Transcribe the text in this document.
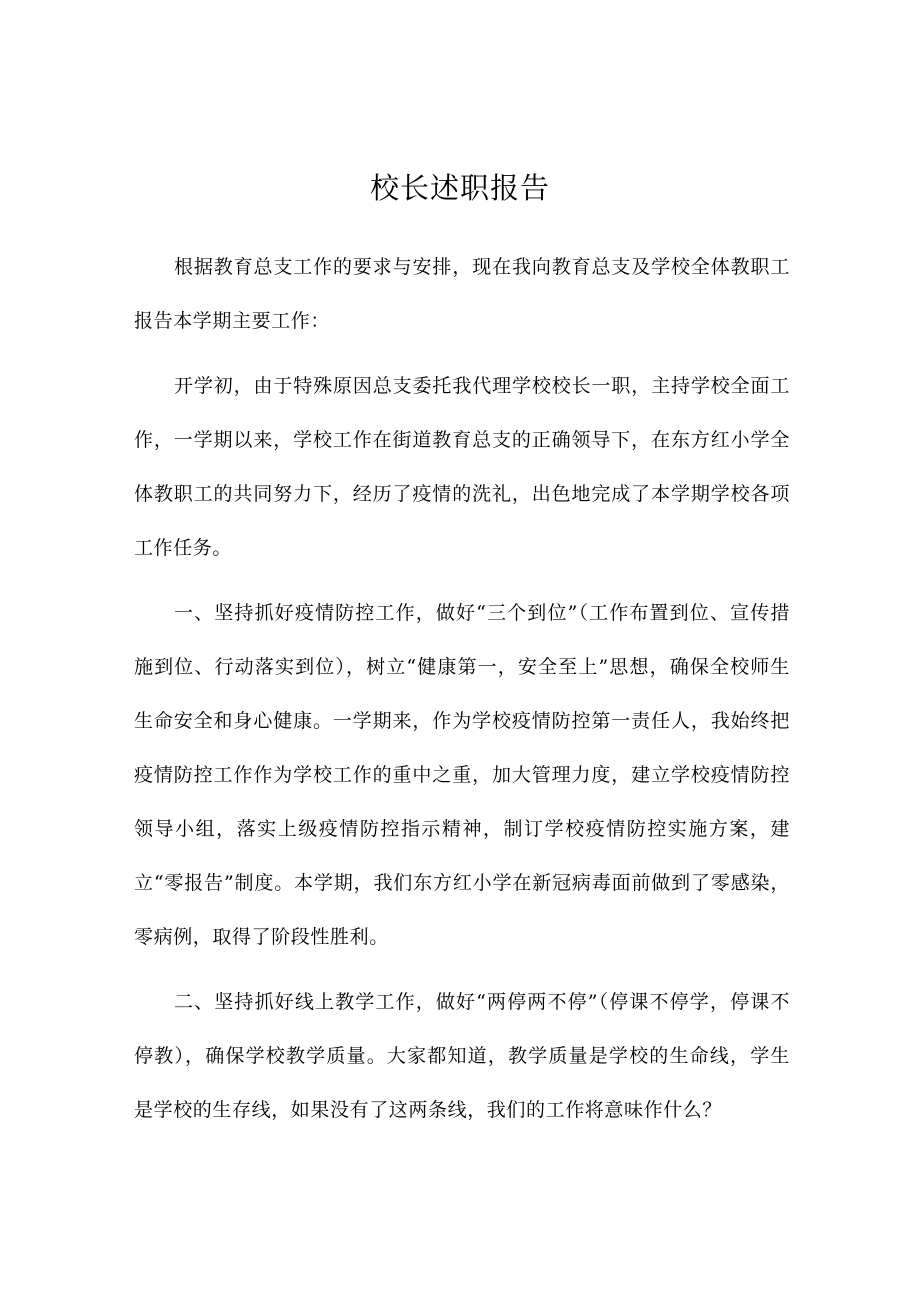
校长述职报告

根据教育总支工作的要求与安排，现在我向教育总支及学校全体教职工报告本学期主要工作：

开学初，由于特殊原因总支委托我代理学校校长一职，主持学校全面工作，一学期以来，学校工作在街道教育总支的正确领导下，在东方红小学全体教职工的共同努力下，经历了疫情的洗礼，出色地完成了本学期学校各项工作任务。

一、坚持抓好疫情防控工作，做好“三个到位”（工作布置到位、宣传措施到位、行动落实到位），树立“健康第一，安全至上”思想，确保全校师生生命安全和身心健康。一学期来，作为学校疫情防控第一责任人，我始终把疫情防控工作作为学校工作的重中之重，加大管理力度，建立学校疫情防控领导小组，落实上级疫情防控指示精神，制订学校疫情防控实施方案，建立“零报告”制度。本学期，我们东方红小学在新冠病毒面前做到了零感染，零病例，取得了阶段性胜利。

二、坚持抓好线上教学工作，做好“两停两不停”（停课不停学，停课不停教），确保学校教学质量。大家都知道，教学质量是学校的生命线，学生是学校的生存线，如果没有了这两条线，我们的工作将意味作什么？
